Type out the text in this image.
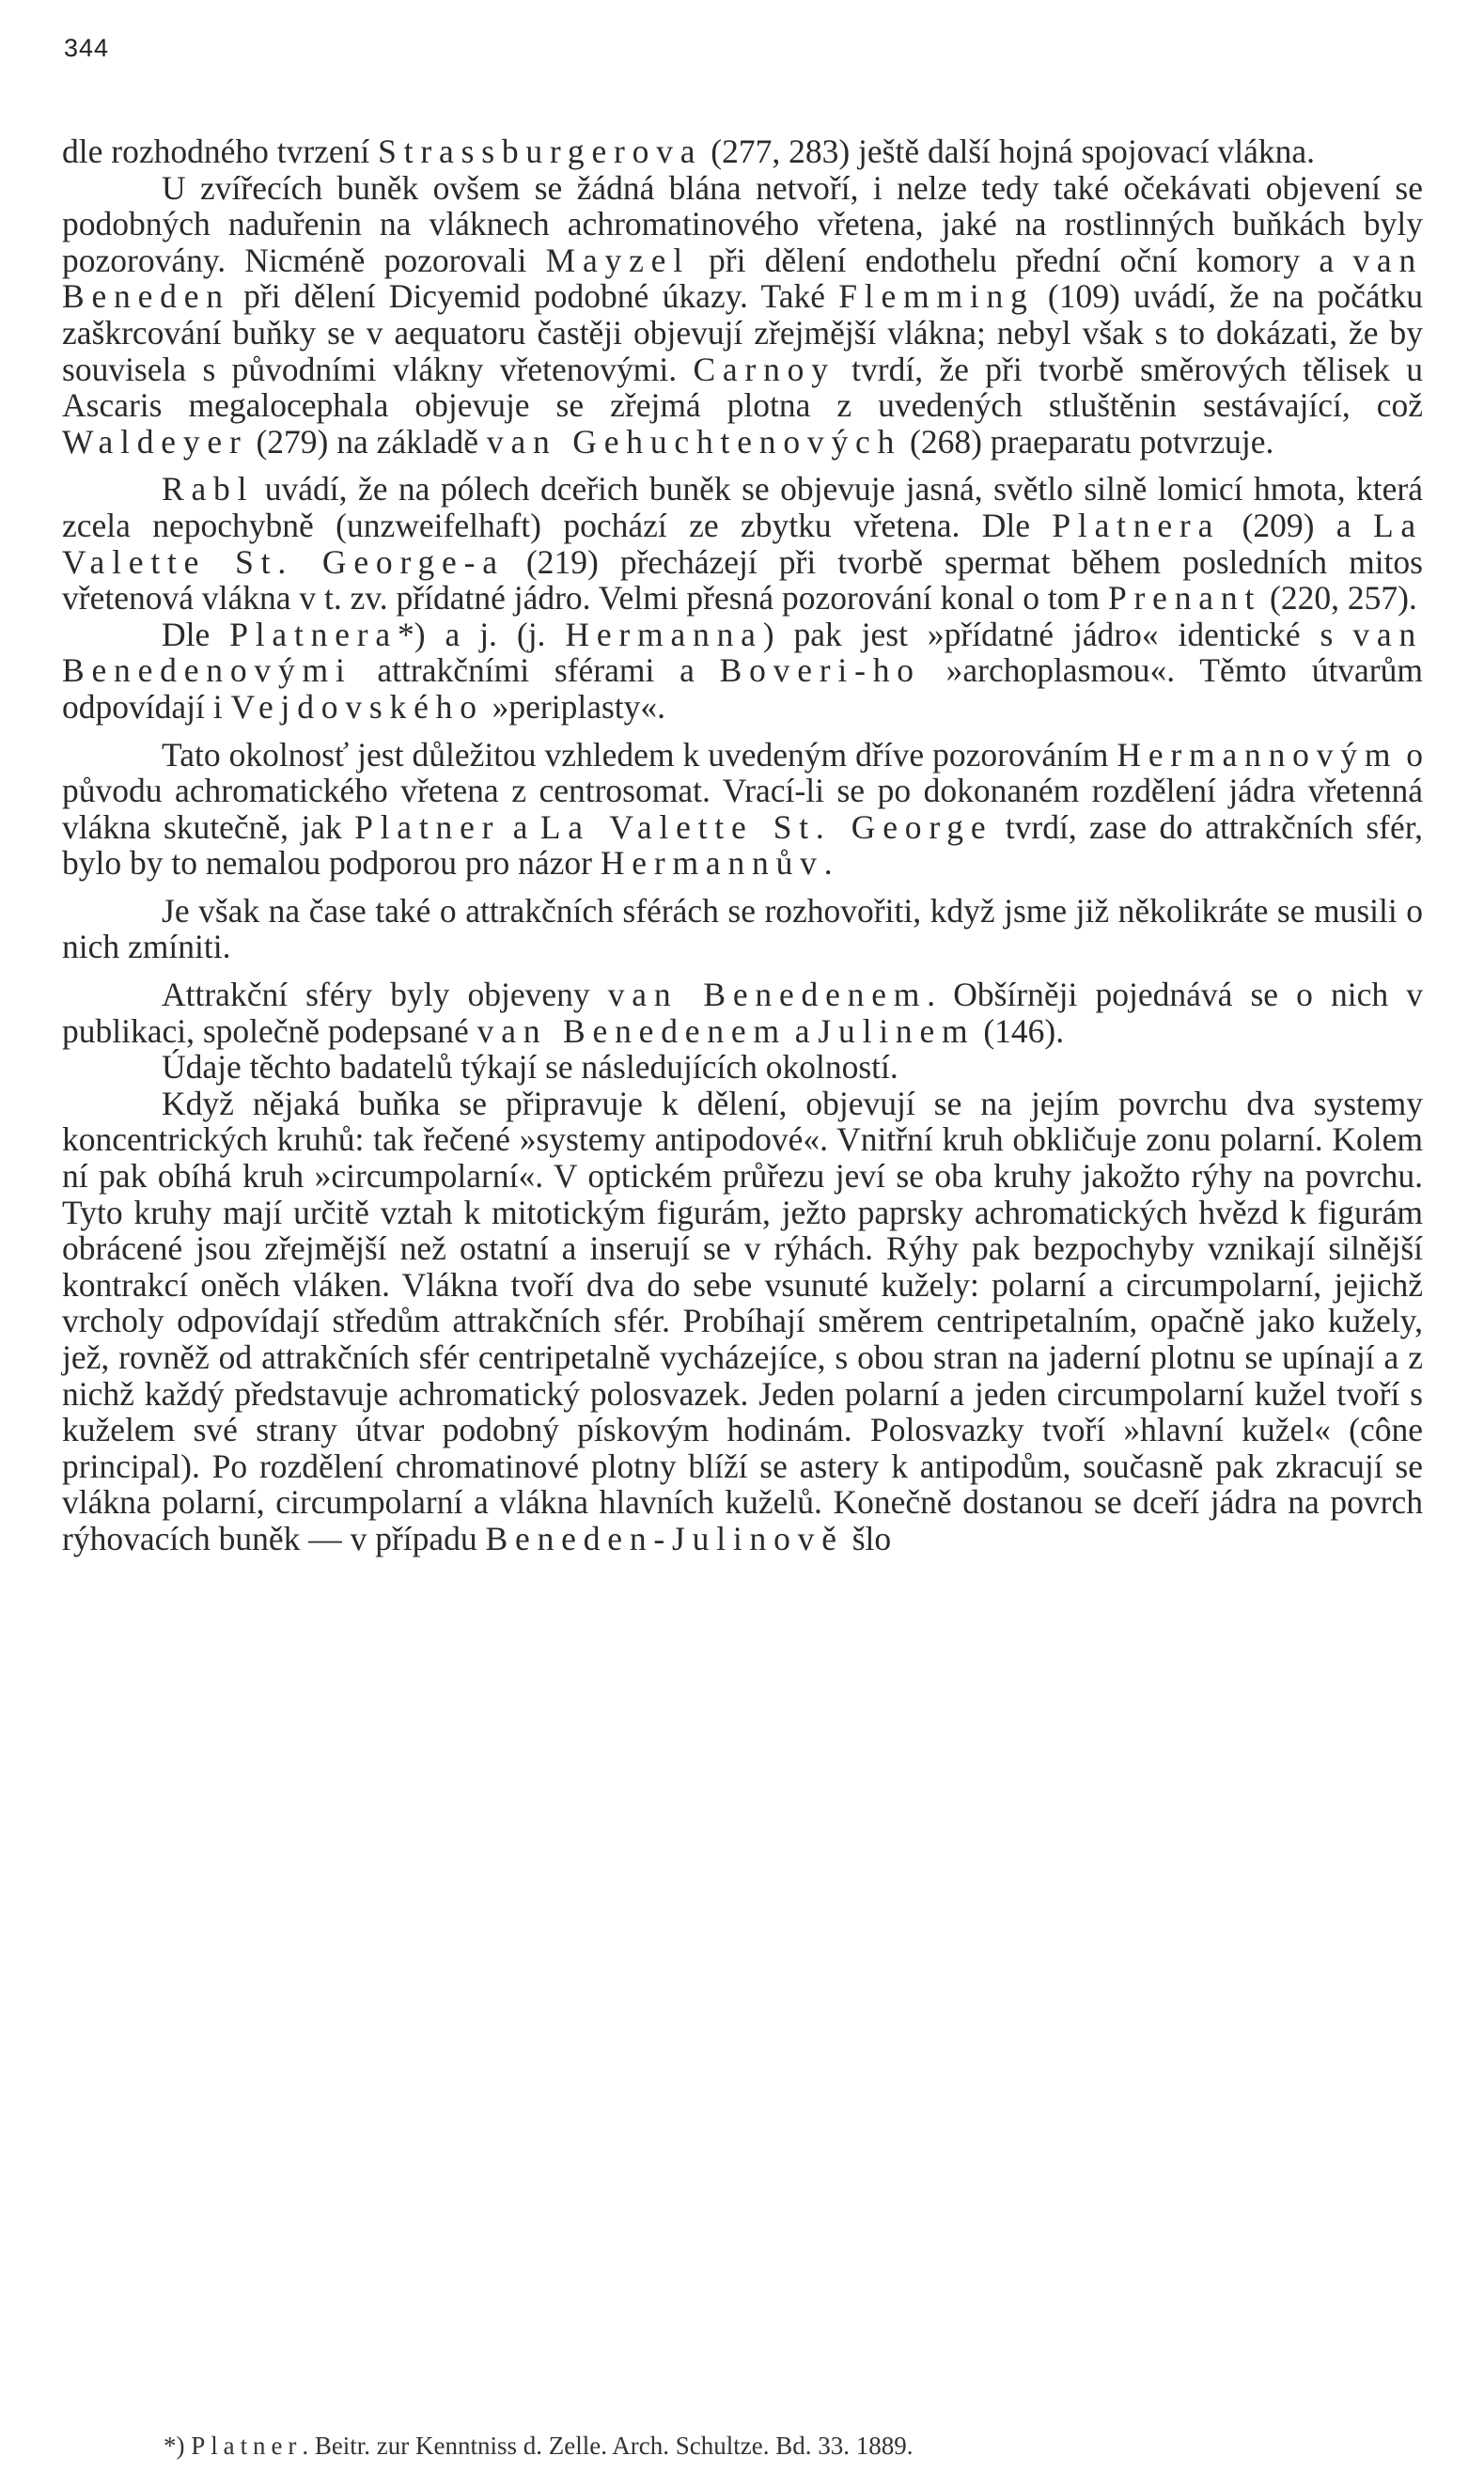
344

dle rozhodného tvrzení Strassburgerova (277, 283) ještě další hojná spojovací vlákna.

U zvířecích buněk ovšem se žádná blána netvoří, i nelze tedy také očekávati objevení se podobných naduřenin na vláknech achromatinového vřetena, jaké na rostlinných buňkách byly pozorovány. Nicméně pozorovali Mayzel při dělení endothelu přední oční komory a van Beneden při dělení Dicyemid podobné úkazy. Také Flemming (109) uvádí, že na počátku zaškrcování buňky se v aequatoru častěji objevují zřejmější vlákna; nebyl však s to dokázati, že by souvisela s původními vlákny vřetenovými. Carnoy tvrdí, že při tvorbě směrových tělisek u Ascaris megalocephala objevuje se zřejmá plotna z uvedených stluštěnin sestávající, což Waldeyer (279) na základě van Gehuchtenových (268) praeparatu potvrzuje.

Rabl uvádí, že na pólech dceřich buněk se objevuje jasná, světlo silně lomicí hmota, která zcela nepochybně (unzweifelhaft) pochází ze zbytku vřetena. Dle Platnera (209) a La Valette St. George-a (219) přecházejí při tvorbě spermat během posledních mitos vřetenová vlákna v t. zv. přídatné jádro. Velmi přesná pozorování konal o tom Prenant (220, 257).

Dle Platnera*) a j. (j. Hermanna) pak jest »přídatné jádro« identické s van Benedenovými attrakčními sférami a Boveri-ho »archoplasmou«. Těmto útvarům odpovídají i Vejdovského »periplasty«.

Tato okolnosť jest důležitou vzhledem k uvedeným dříve pozorováním Hermannovým o původu achromatického vřetena z centrosomat. Vrací-li se po dokonaném rozdělení jádra vřetenná vlákna skutečně, jak Platner a La Valette St. George tvrdí, zase do attrakčních sfér, bylo by to nemalou podporou pro názor Hermannův.

Je však na čase také o attrakčních sférách se rozhovořiti, když jsme již několikráte se musili o nich zmíniti.

Attrakční sféry byly objeveny van Benedenem. Obšírněji pojednává se o nich v publikaci, společně podepsané van Benedenem a Julinem (146).

Údaje těchto badatelů týkají se následujících okolností.

Když nějaká buňka se připravuje k dělení, objevují se na jejím povrchu dva systemy koncentrických kruhů: tak řečené »systemy antipodové«. Vnitřní kruh obkličuje zonu polarní. Kolem ní pak obíhá kruh »circumpolarní«. V optickém průřezu jeví se oba kruhy jakožto rýhy na povrchu. Tyto kruhy mají určitě vztah k mitotickým figurám, ježto paprsky achromatických hvězd k figurám obrácené jsou zřejmější než ostatní a inserují se v rýhách. Rýhy pak bezpochyby vznikají silnější kontrakcí oněch vláken. Vlákna tvoří dva do sebe vsunuté kužely: polarní a circumpolarní, jejichž vrcholy odpovídají středům attrakčních sfér. Probíhají směrem centripetalním, opačně jako kužely, jež, rovněž od attrakčních sfér centripetalně vycházejíce, s obou stran na jaderní plotnu se upínají a z nichž každý představuje achromatický polosvazek. Jeden polarní a jeden circumpolarní kužel tvoří s kuželem své strany útvar podobný pískovým hodinám. Polosvazky tvoří »hlavní kužel« (cône principal). Po rozdělení chromatinové plotny blíží se astery k antipodům, současně pak zkracují se vlákna polarní, circumpolarní a vlákna hlavních kuželů. Konečně dostanou se dceří jádra na povrch rýhovacích buněk — v případu Beneden-Julinově šlo

*) Platner. Beitr. zur Kenntniss d. Zelle. Arch. Schultze. Bd. 33. 1889.
